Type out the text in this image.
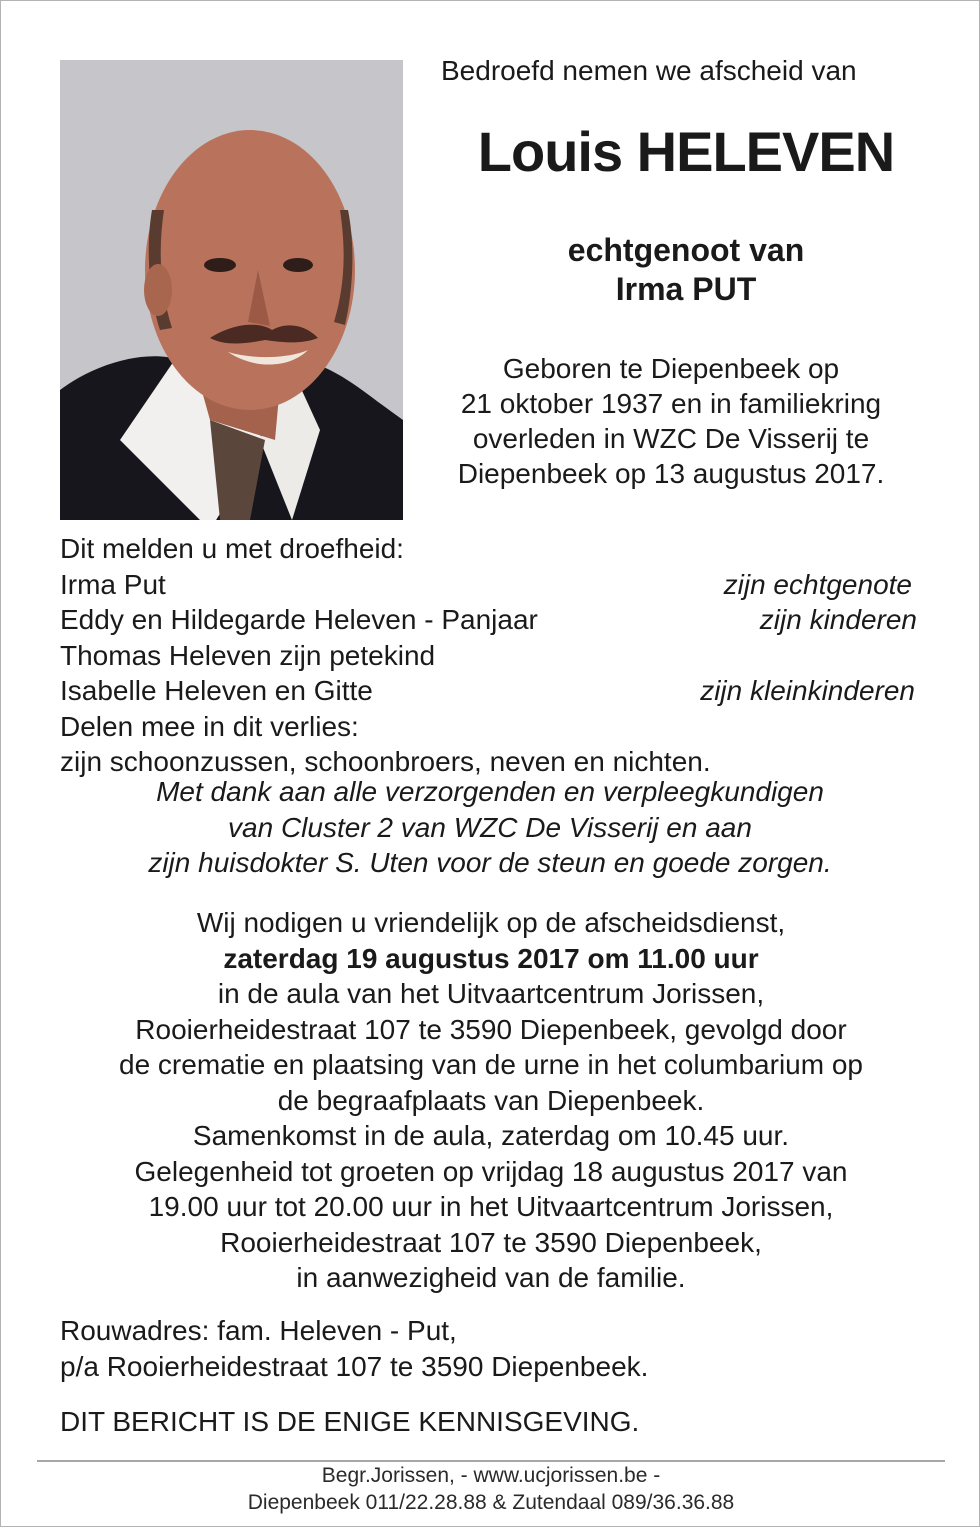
Bedroefd nemen we afscheid van
Louis HELEVEN
echtgenoot van
Irma PUT
Geboren te Diepenbeek op
21 oktober 1937 en in familiekring
overleden in WZC De Visserij te
Diepenbeek op 13 augustus 2017.
Dit melden u met droefheid:
Irma Put	zijn echtgenote
Eddy en Hildegarde Heleven - Panjaar	zijn kinderen
Thomas Heleven zijn petekind
Isabelle Heleven en Gitte	zijn kleinkinderen
Delen mee in dit verlies:
zijn schoonzussen, schoonbroers, neven en nichten.
Met dank aan alle verzorgenden en verpleegkundigen
van Cluster 2 van WZC De Visserij en aan
zijn huisdokter S. Uten voor de steun en goede zorgen.
Wij nodigen u vriendelijk op de afscheidsdienst,
zaterdag 19 augustus 2017 om 11.00 uur
in de aula van het Uitvaartcentrum Jorissen,
Rooierheidestraat 107 te 3590 Diepenbeek, gevolgd door
de crematie en plaatsing van de urne in het columbarium op
de begraafplaats van Diepenbeek.
Samenkomst in de aula, zaterdag om 10.45 uur.
Gelegenheid tot groeten op vrijdag 18 augustus 2017 van
19.00 uur tot 20.00 uur in het Uitvaartcentrum Jorissen,
Rooierheidestraat 107 te 3590 Diepenbeek,
in aanwezigheid van de familie.
Rouwadres: fam. Heleven - Put,
p/a Rooierheidestraat 107 te 3590 Diepenbeek.
DIT BERICHT IS DE ENIGE KENNISGEVING.
Begr.Jorissen, - www.ucjorissen.be -
Diepenbeek 011/22.28.88 & Zutendaal 089/36.36.88
